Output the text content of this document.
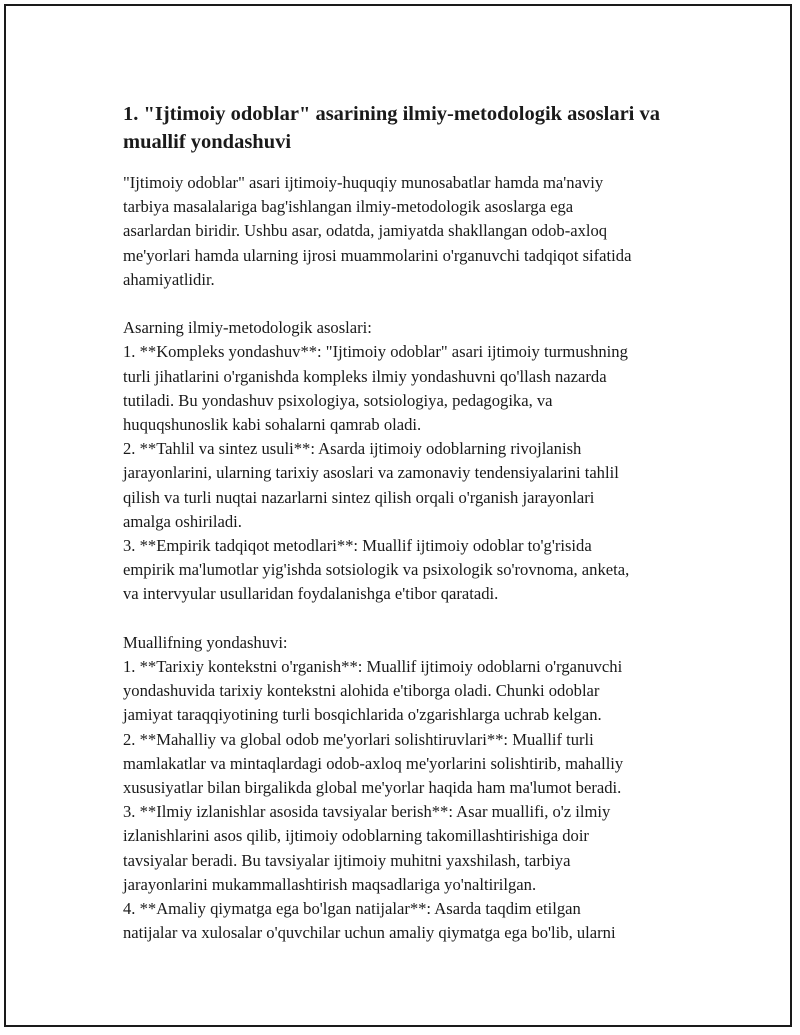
1. "Ijtimoiy odoblar" asarining ilmiy-metodologik asoslari va
muallif yondashuvi
"Ijtimoiy odoblar" asari ijtimoiy-huquqiy munosabatlar hamda ma'naviy
tarbiya masalalariga bag'ishlangan ilmiy-metodologik asoslarga ega
asarlardan biridir. Ushbu asar, odatda, jamiyatda shakllangan odob-axloq
me'yorlari hamda ularning ijrosi muammolarini o'rganuvchi tadqiqot sifatida
ahamiyatlidir.
Asarning ilmiy-metodologik asoslari:
1. **Kompleks yondashuv**: "Ijtimoiy odoblar" asari ijtimoiy turmushning
turli jihatlarini o'rganishda kompleks ilmiy yondashuvni qo'llash nazarda
tutiladi. Bu yondashuv psixologiya, sotsiologiya, pedagogika, va
huquqshunoslik kabi sohalarni qamrab oladi.
2. **Tahlil va sintez usuli**: Asarda ijtimoiy odoblarning rivojlanish
jarayonlarini, ularning tarixiy asoslari va zamonaviy tendensiyalarini tahlil
qilish va turli nuqtai nazarlarni sintez qilish orqali o'rganish jarayonlari
amalga oshiriladi.
3. **Empirik tadqiqot metodlari**: Muallif ijtimoiy odoblar to'g'risida
empirik ma'lumotlar yig'ishda sotsiologik va psixologik so'rovnoma, anketa,
va intervyular usullaridan foydalanishga e'tibor qaratadi.
Muallifning yondashuvi:
1. **Tarixiy kontekstni o'rganish**: Muallif ijtimoiy odoblarni o'rganuvchi
yondashuvida tarixiy kontekstni alohida e'tiborga oladi. Chunki odoblar
jamiyat taraqqiyotining turli bosqichlarida o'zgarishlarga uchrab kelgan.
2. **Mahalliy va global odob me'yorlari solishtiruvlari**: Muallif turli
mamlakatlar va mintaqlardagi odob-axloq me'yorlarini solishtirib, mahalliy
xususiyatlar bilan birgalikda global me'yorlar haqida ham ma'lumot beradi.
3. **Ilmiy izlanishlar asosida tavsiyalar berish**: Asar muallifi, o'z ilmiy
izlanishlarini asos qilib, ijtimoiy odoblarning takomillashtirishiga doir
tavsiyalar beradi. Bu tavsiyalar ijtimoiy muhitni yaxshilash, tarbiya
jarayonlarini mukammallashtirish maqsadlariga yo'naltirilgan.
4. **Amaliy qiymatga ega bo'lgan natijalar**: Asarda taqdim etilgan
natijalar va xulosalar o'quvchilar uchun amaliy qiymatga ega bo'lib, ularni
